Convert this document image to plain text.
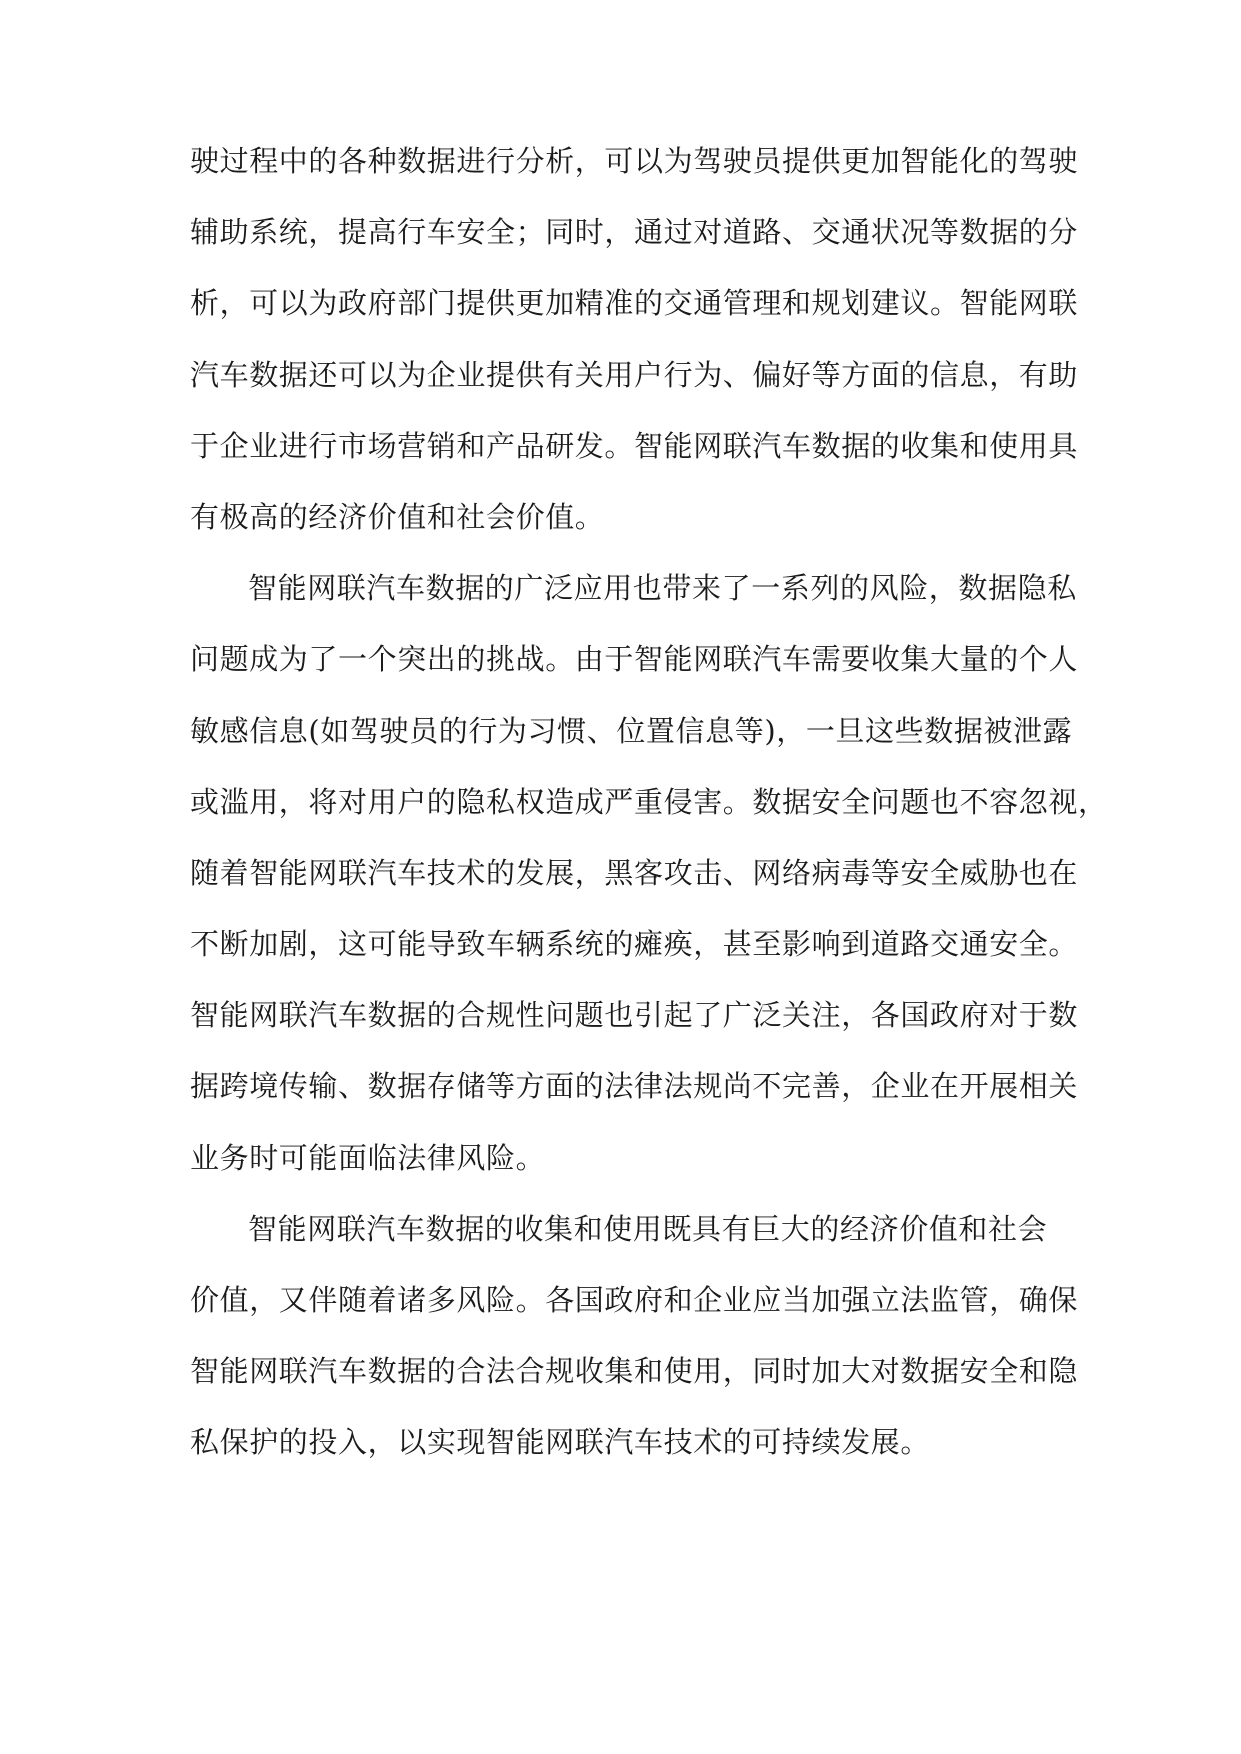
驶过程中的各种数据进行分析，可以为驾驶员提供更加智能化的驾驶
辅助系统，提高行车安全；同时，通过对道路、交通状况等数据的分
析，可以为政府部门提供更加精准的交通管理和规划建议。智能网联
汽车数据还可以为企业提供有关用户行为、偏好等方面的信息，有助
于企业进行市场营销和产品研发。智能网联汽车数据的收集和使用具
有极高的经济价值和社会价值。
智能网联汽车数据的广泛应用也带来了一系列的风险，数据隐私
问题成为了一个突出的挑战。由于智能网联汽车需要收集大量的个人
敏感信息(如驾驶员的行为习惯、位置信息等)，一旦这些数据被泄露
或滥用，将对用户的隐私权造成严重侵害。数据安全问题也不容忽视，
随着智能网联汽车技术的发展，黑客攻击、网络病毒等安全威胁也在
不断加剧，这可能导致车辆系统的瘫痪，甚至影响到道路交通安全。
智能网联汽车数据的合规性问题也引起了广泛关注，各国政府对于数
据跨境传输、数据存储等方面的法律法规尚不完善，企业在开展相关
业务时可能面临法律风险。
智能网联汽车数据的收集和使用既具有巨大的经济价值和社会
价值，又伴随着诸多风险。各国政府和企业应当加强立法监管，确保
智能网联汽车数据的合法合规收集和使用，同时加大对数据安全和隐
私保护的投入，以实现智能网联汽车技术的可持续发展。
